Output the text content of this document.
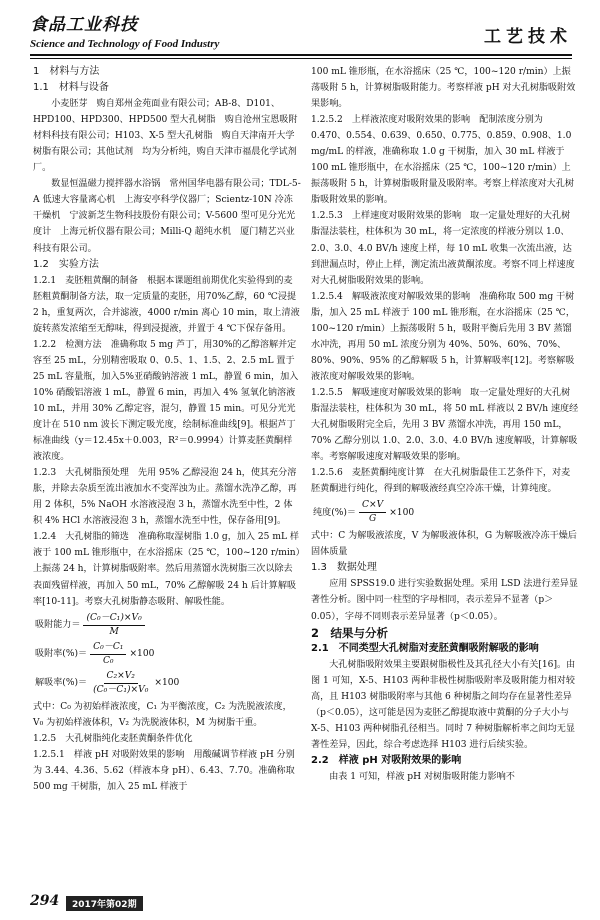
食品工业科技
Science and Technology of Food Industry	工艺技术

1　材料与方法

1.1　材料与设备

小麦胚芽　购自郑州金苑面业有限公司；AB-8、D101、HPD100、HPD300、HPD500 型大孔树脂　购自沧州宝恩吸附材料科技有限公司；H103、X-5 型大孔树脂　购自天津南开大学树脂有限公司；其他试剂　均为分析纯，购自天津市福晨化学试剂厂。

数显恒温磁力搅拌器水浴锅　常州国华电器有限公司；TDL-5-A 低速大容量离心机　上海安亭科学仪器厂；Scientz-10N 冷冻干燥机　宁波新芝生物科技股份有限公司；V-5600 型可见分光光度计　上海元析仪器有限公司；Milli-Q 超纯水机　厦门精艺兴业科技有限公司。

1.2　实验方法

1.2.1　麦胚粗黄酮的制备　根据本课题组前期优化实验得到的麦胚粗黄酮制备方法，取一定质量的麦胚，用70%乙醇，60 ℃浸提 2 h，重复两次，合并滤液，4000 r/min 离心 10 min，取上清液旋转蒸发浓缩至无醇味，得到浸提液，并置于 4 ℃下保存备用。

1.2.2　检测方法　准确称取 5 mg 芦丁，用30%的乙醇溶解并定容至 25 mL，分别精密吸取 0、0.5、1、1.5、2、2.5 mL 置于 25 mL 容量瓶，加入5%亚硝酸钠溶液 1 mL，静置 6 min，加入 10% 硝酸铝溶液 1 mL，静置 6 min，再加入 4% 氢氧化钠溶液 10 mL，并用 30% 乙醇定容，混匀，静置 15 min。可见分光光度计在 510 nm 波长下测定吸光度，绘制标准曲线[9]。根据芦丁标准曲线（y＝12.45x＋0.003，R²＝0.9994）计算麦胚黄酮样液浓度。

1.2.3　大孔树脂预处理　先用 95% 乙醇浸泡 24 h，使其充分溶胀，并除去杂质至流出液加水不变浑浊为止。蒸馏水洗净乙醇，再用 2 体积，5% NaOH 水溶液浸泡 3 h，蒸馏水洗至中性，2 体积 4% HCl 水溶液浸泡 3 h，蒸馏水洗至中性，保存备用[9]。

1.2.4　大孔树脂的筛选　准确称取湿树脂 1.0 g，加入 25 mL 样液于 100 mL 锥形瓶中，在水浴摇床（25 ℃，100~120 r/min）上振荡 24 h，计算树脂吸附率。然后用蒸馏水洗树脂三次以除去表面残留样液，再加入 50 mL，70% 乙醇解吸 24 h 后计算解吸率[10-11]。考察大孔树脂静态吸附、解吸性能。

吸附能力＝ $\frac{\text{(C₀－C₁)×V₀}}{M}$
吸附率(%)＝ $\frac{\text{C₀－C₁}}{\text{C₀}} \times 100$
解吸率(%)＝ $\frac{\text{C₂×V₂}}{\text{(C₀－C₁)×V₀}} \times 100$

式中：C₀ 为初始样液浓度，C₁ 为平衡浓度，C₂ 为洗脱液浓度，V₀ 为初始样液体积，V₂ 为洗脱液体积，M 为树脂干重。

1.2.5　大孔树脂纯化麦胚黄酮条件优化

1.2.5.1　样液 pH 对吸附效果的影响　用酸碱调节样液 pH 分别为 3.44、4.36、5.62（样液本身 pH）、6.43、7.70。准确称取 500 mg 干树脂，加入 25 mL 样液于

100 mL 锥形瓶，在水浴摇床（25 ℃，100~120 r/min）上振荡吸附 5 h，计算树脂吸附能力。考察样液 pH 对大孔树脂吸附效果影响。

1.2.5.2　上样液浓度对吸附效果的影响　配制浓度分别为 0.470、0.554、0.639、0.650、0.775、0.859、0.908、1.0 mg/mL 的样液，准确称取 1.0 g 干树脂，加入 30 mL 样液于 100 mL 锥形瓶中，在水浴摇床（25 ℃，100~120 r/min）上振荡吸附 5 h，计算树脂吸附量及吸附率。考察上样浓度对大孔树脂吸附效果的影响。

1.2.5.3　上样速度对吸附效果的影响　取一定量处理好的大孔树脂湿法装柱，柱体积为 30 mL，将一定浓度的样液分别以 1.0、2.0、3.0、4.0 BV/h 速度上样，每 10 mL 收集一次流出液，达到泄漏点时，停止上样，测定流出液黄酮浓度。考察不同上样速度对大孔树脂吸附效果的影响。

1.2.5.4　解吸液浓度对解吸效果的影响　准确称取 500 mg 干树脂，加入 25 mL 样液于 100 mL 锥形瓶，在水浴摇床（25 ℃，100~120 r/min）上振荡吸附 5 h，吸附平衡后先用 3 BV 蒸馏水冲洗，再用 50 mL 浓度分别为 40%、50%、60%、70%、80%、90%、95% 的乙醇解吸 5 h，计算解吸率[12]。考察解吸液浓度对解吸效果的影响。

1.2.5.5　解吸速度对解吸效果的影响　取一定量处理好的大孔树脂湿法装柱，柱体积为 30 mL，将 50 mL 样液以 2 BV/h 速度经大孔树脂吸附完全后，先用 3 BV 蒸馏水冲洗，再用 150 mL，70% 乙醇分别以 1.0、2.0、3.0、4.0 BV/h 速度解吸，计算解吸率。考察解吸速度对解吸效果的影响。

1.2.5.6　麦胚黄酮纯度计算　在大孔树脂最佳工艺条件下，对麦胚黄酮进行纯化，得到的解吸液经真空冷冻干燥，计算纯度。

纯度(%)＝ $\frac{C\times V}{G} \times 100$

式中：C 为解吸液浓度，V 为解吸液体积，G 为解吸液冷冻干燥后固体质量

1.3　数据处理

应用 SPSS19.0 进行实验数据处理。采用 LSD 法进行差异显著性分析。图中同一柱型的字母相同，表示差异不显著（p＞0.05），字母不同则表示差异显著（p＜0.05）。

2　结果与分析

2.1　不同类型大孔树脂对麦胚黄酮吸附解吸的影响

大孔树脂吸附效果主要跟树脂极性及其孔径大小有关[16]。由图 1 可知，X-5、H103 两种非极性树脂吸附率及吸附能力相对较高，且 H103 树脂吸附率与其他 6 种树脂之间均存在显著性差异（p＜0.05），这可能是因为麦胚乙醇提取液中黄酮的分子大小与 X-5、H103 两种树脂孔径相当。同时 7 种树脂解析率之间均无显著性差异，因此，综合考虑选择 H103 进行后续实验。

2.2　样液 pH 对吸附效果的影响

由表 1 可知，样液 pH 对树脂吸附能力影响不

294	2017年第02期
